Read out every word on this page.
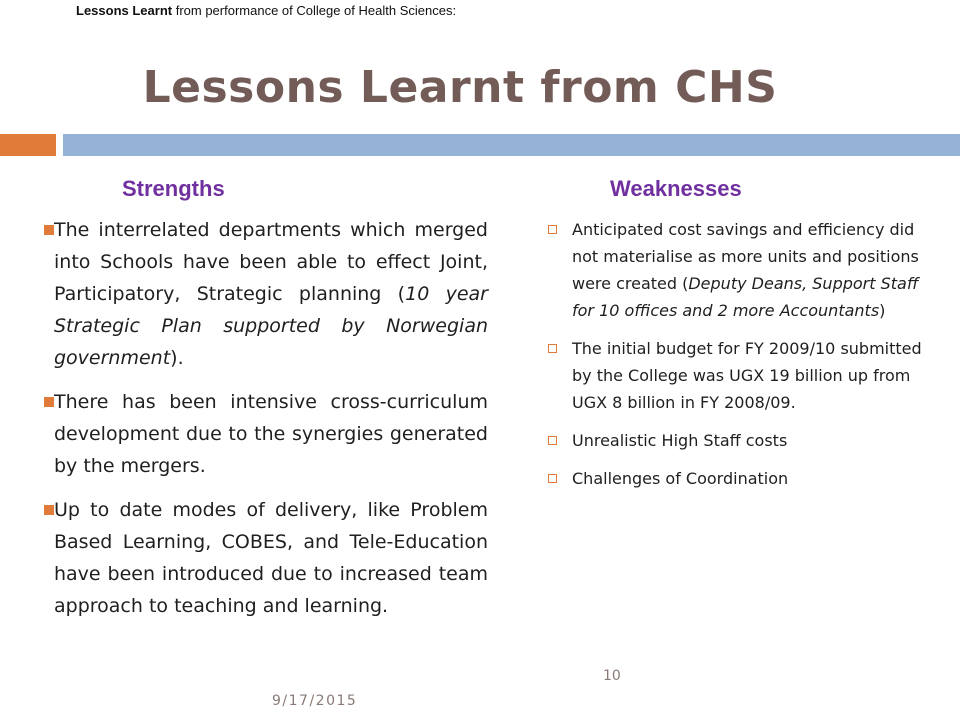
Lessons Learnt from performance of College of Health Sciences:
Lessons Learnt from CHS
Strengths	Weaknesses
The interrelated departments which merged into Schools have been able to effect Joint, Participatory, Strategic planning (10 year Strategic Plan supported by Norwegian government).
There has been intensive cross-curriculum development due to the synergies generated by the mergers.
Up to date modes of delivery, like Problem Based Learning, COBES, and Tele-Education have been introduced due to increased team approach to teaching and learning.
Anticipated cost savings and efficiency did not materialise as more units and positions were created (Deputy Deans, Support Staff for 10 offices and 2 more Accountants)
The initial budget for FY 2009/10 submitted by the College was UGX 19 billion up from UGX 8 billion in FY 2008/09.
Unrealistic High Staff costs
Challenges of Coordination
10
9/17/2015
